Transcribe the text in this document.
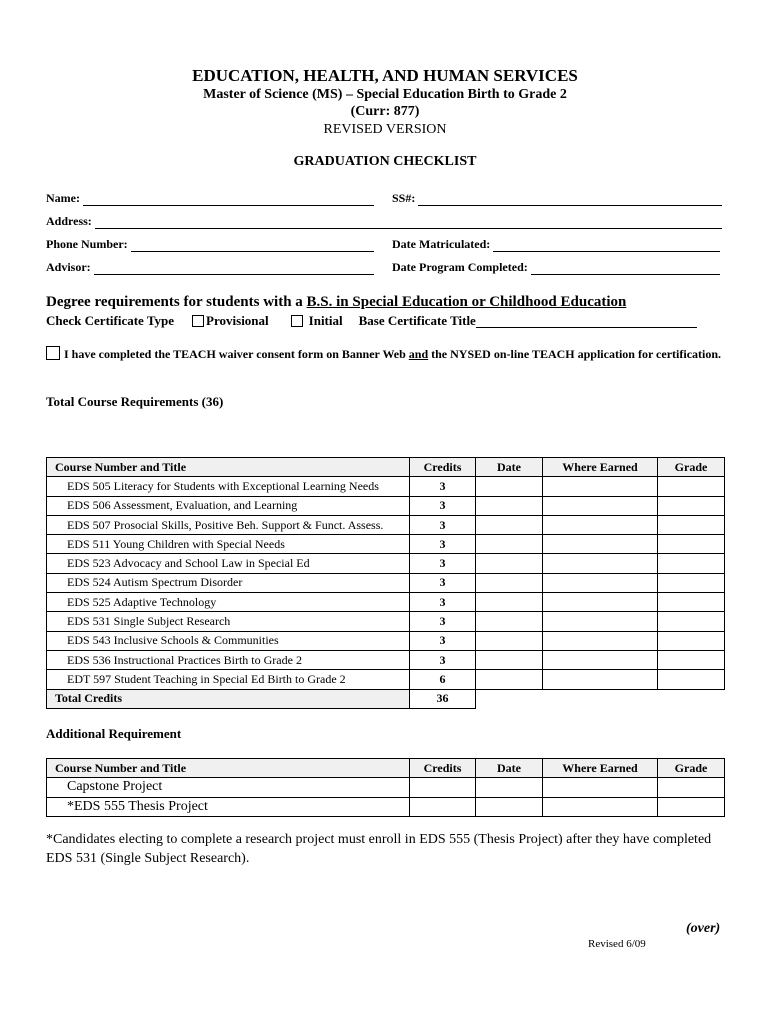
EDUCATION, HEALTH, AND HUMAN SERVICES
Master of Science (MS) – Special Education Birth to Grade 2
(Curr: 877)
REVISED VERSION
GRADUATION CHECKLIST
Name:	SS#:
Address:
Phone Number:	Date Matriculated:
Advisor:	Date Program Completed:
Degree requirements for students with a B.S. in Special Education or Childhood Education
Check Certificate Type Provisional	Initial Base Certificate Title
I have completed the TEACH waiver consent form on Banner Web and the NYSED on-line TEACH application for certification.
Total Course Requirements (36)
Course Number and Title	Credits	Date	Where Earned	Grade
EDS 505 Literacy for Students with Exceptional Learning Needs	3			
EDS 506 Assessment, Evaluation, and Learning	3			
EDS 507 Prosocial Skills, Positive Beh. Support & Funct. Assess.	3			
EDS 511 Young Children with Special Needs	3			
EDS 523 Advocacy and School Law in Special Ed	3			
EDS 524 Autism Spectrum Disorder	3			
EDS 525 Adaptive Technology	3			
EDS 531 Single Subject Research	3			
EDS 543 Inclusive Schools & Communities	3			
EDS 536 Instructional Practices Birth to Grade 2	3			
EDT 597 Student Teaching in Special Ed Birth to Grade 2	6			
Total Credits	36			
Additional Requirement
Course Number and Title	Credits	Date	Where Earned	Grade
Capstone Project				
*EDS 555 Thesis Project				
*Candidates electing to complete a research project must enroll in EDS 555 (Thesis Project) after they have completed EDS 531 (Single Subject Research).
(over)
Revised 6/09
